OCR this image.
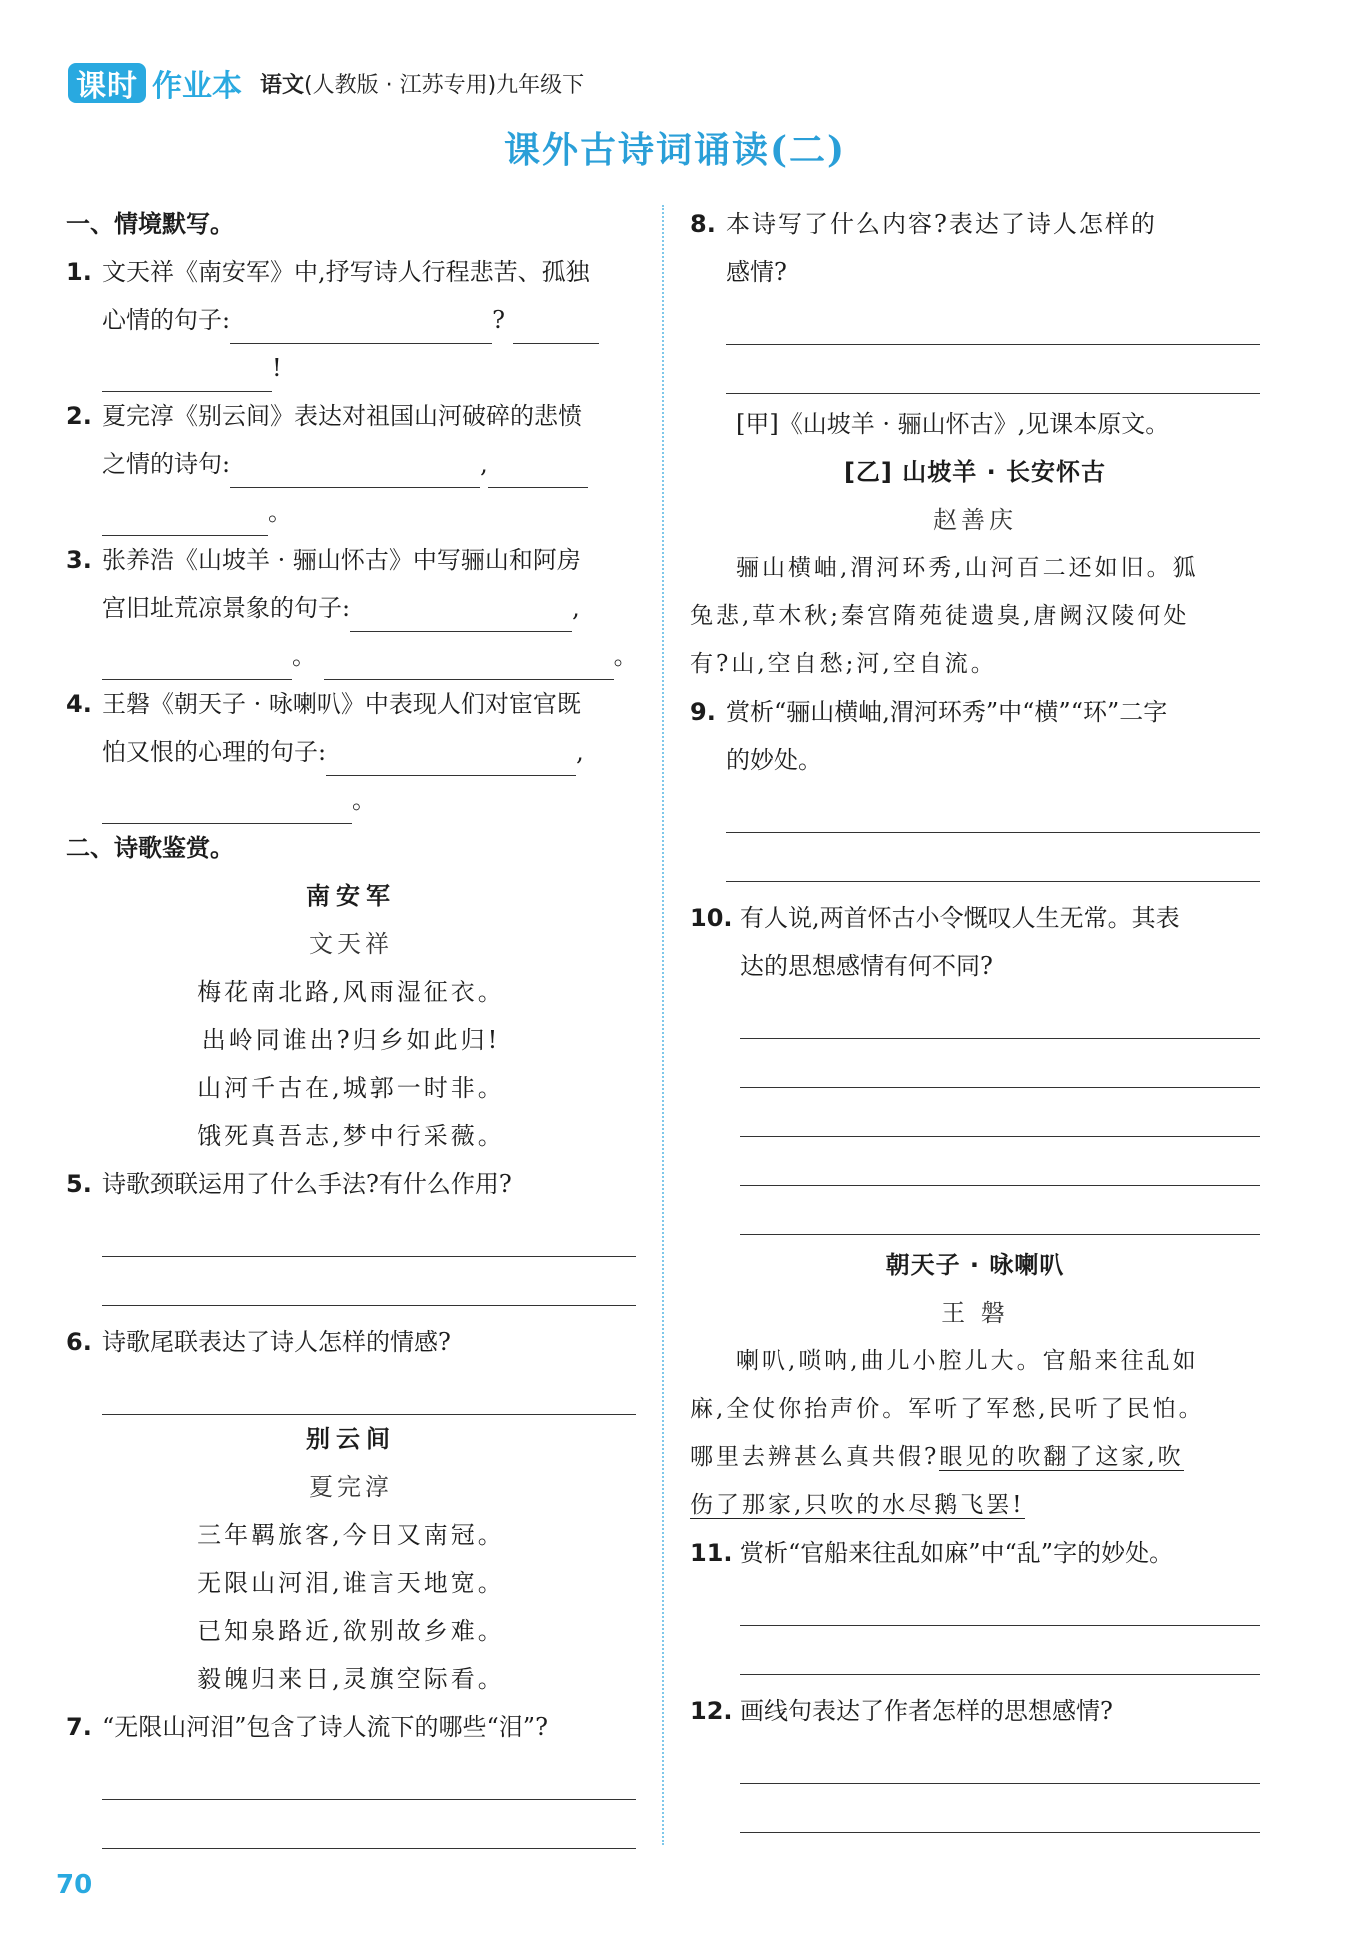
课时 作业本 语文(人教版 · 江苏专用)九年级下
课外古诗词诵读(二)
一、情境默写。
1. 文天祥《南安军》中,抒写诗人行程悲苦、孤独
心情的句子:	?
!
2. 夏完淳《别云间》表达对祖国山河破碎的悲愤
之情的诗句:	,
。
3. 张养浩《山坡羊 · 骊山怀古》中写骊山和阿房
宫旧址荒凉景象的句子:	,
。	。
4. 王磐《朝天子 · 咏喇叭》中表现人们对宦官既
怕又恨的心理的句子:	,
。
二、诗歌鉴赏。
南安军
文天祥
梅花南北路,风雨湿征衣。
出岭同谁出?归乡如此归!
山河千古在,城郭一时非。
饿死真吾志,梦中行采薇。
5. 诗歌颈联运用了什么手法?有什么作用?
6. 诗歌尾联表达了诗人怎样的情感?
别云间
夏完淳
三年羁旅客,今日又南冠。
无限山河泪,谁言天地宽。
已知泉路近,欲别故乡难。
毅魄归来日,灵旗空际看。
7. “无限山河泪”包含了诗人流下的哪些“泪”?
8. 本诗写了什么内容?表达了诗人怎样的
感情?
[甲]《山坡羊 · 骊山怀古》,见课本原文。
[乙] 山坡羊 · 长安怀古
赵善庆
骊山横岫,渭河环秀,山河百二还如旧。狐
兔悲,草木秋;秦宫隋苑徒遗臭,唐阙汉陵何处
有?山,空自愁;河,空自流。
9. 赏析“骊山横岫,渭河环秀”中“横”“环”二字
的妙处。
10. 有人说,两首怀古小令慨叹人生无常。其表
达的思想感情有何不同?
朝天子 · 咏喇叭
王 磐
喇叭,唢呐,曲儿小腔儿大。官船来往乱如
麻,全仗你抬声价。军听了军愁,民听了民怕。
哪里去辨甚么真共假?眼见的吹翻了这家,吹
伤了那家,只吹的水尽鹅飞罢!
11. 赏析“官船来往乱如麻”中“乱”字的妙处。
12. 画线句表达了作者怎样的思想感情?
70
